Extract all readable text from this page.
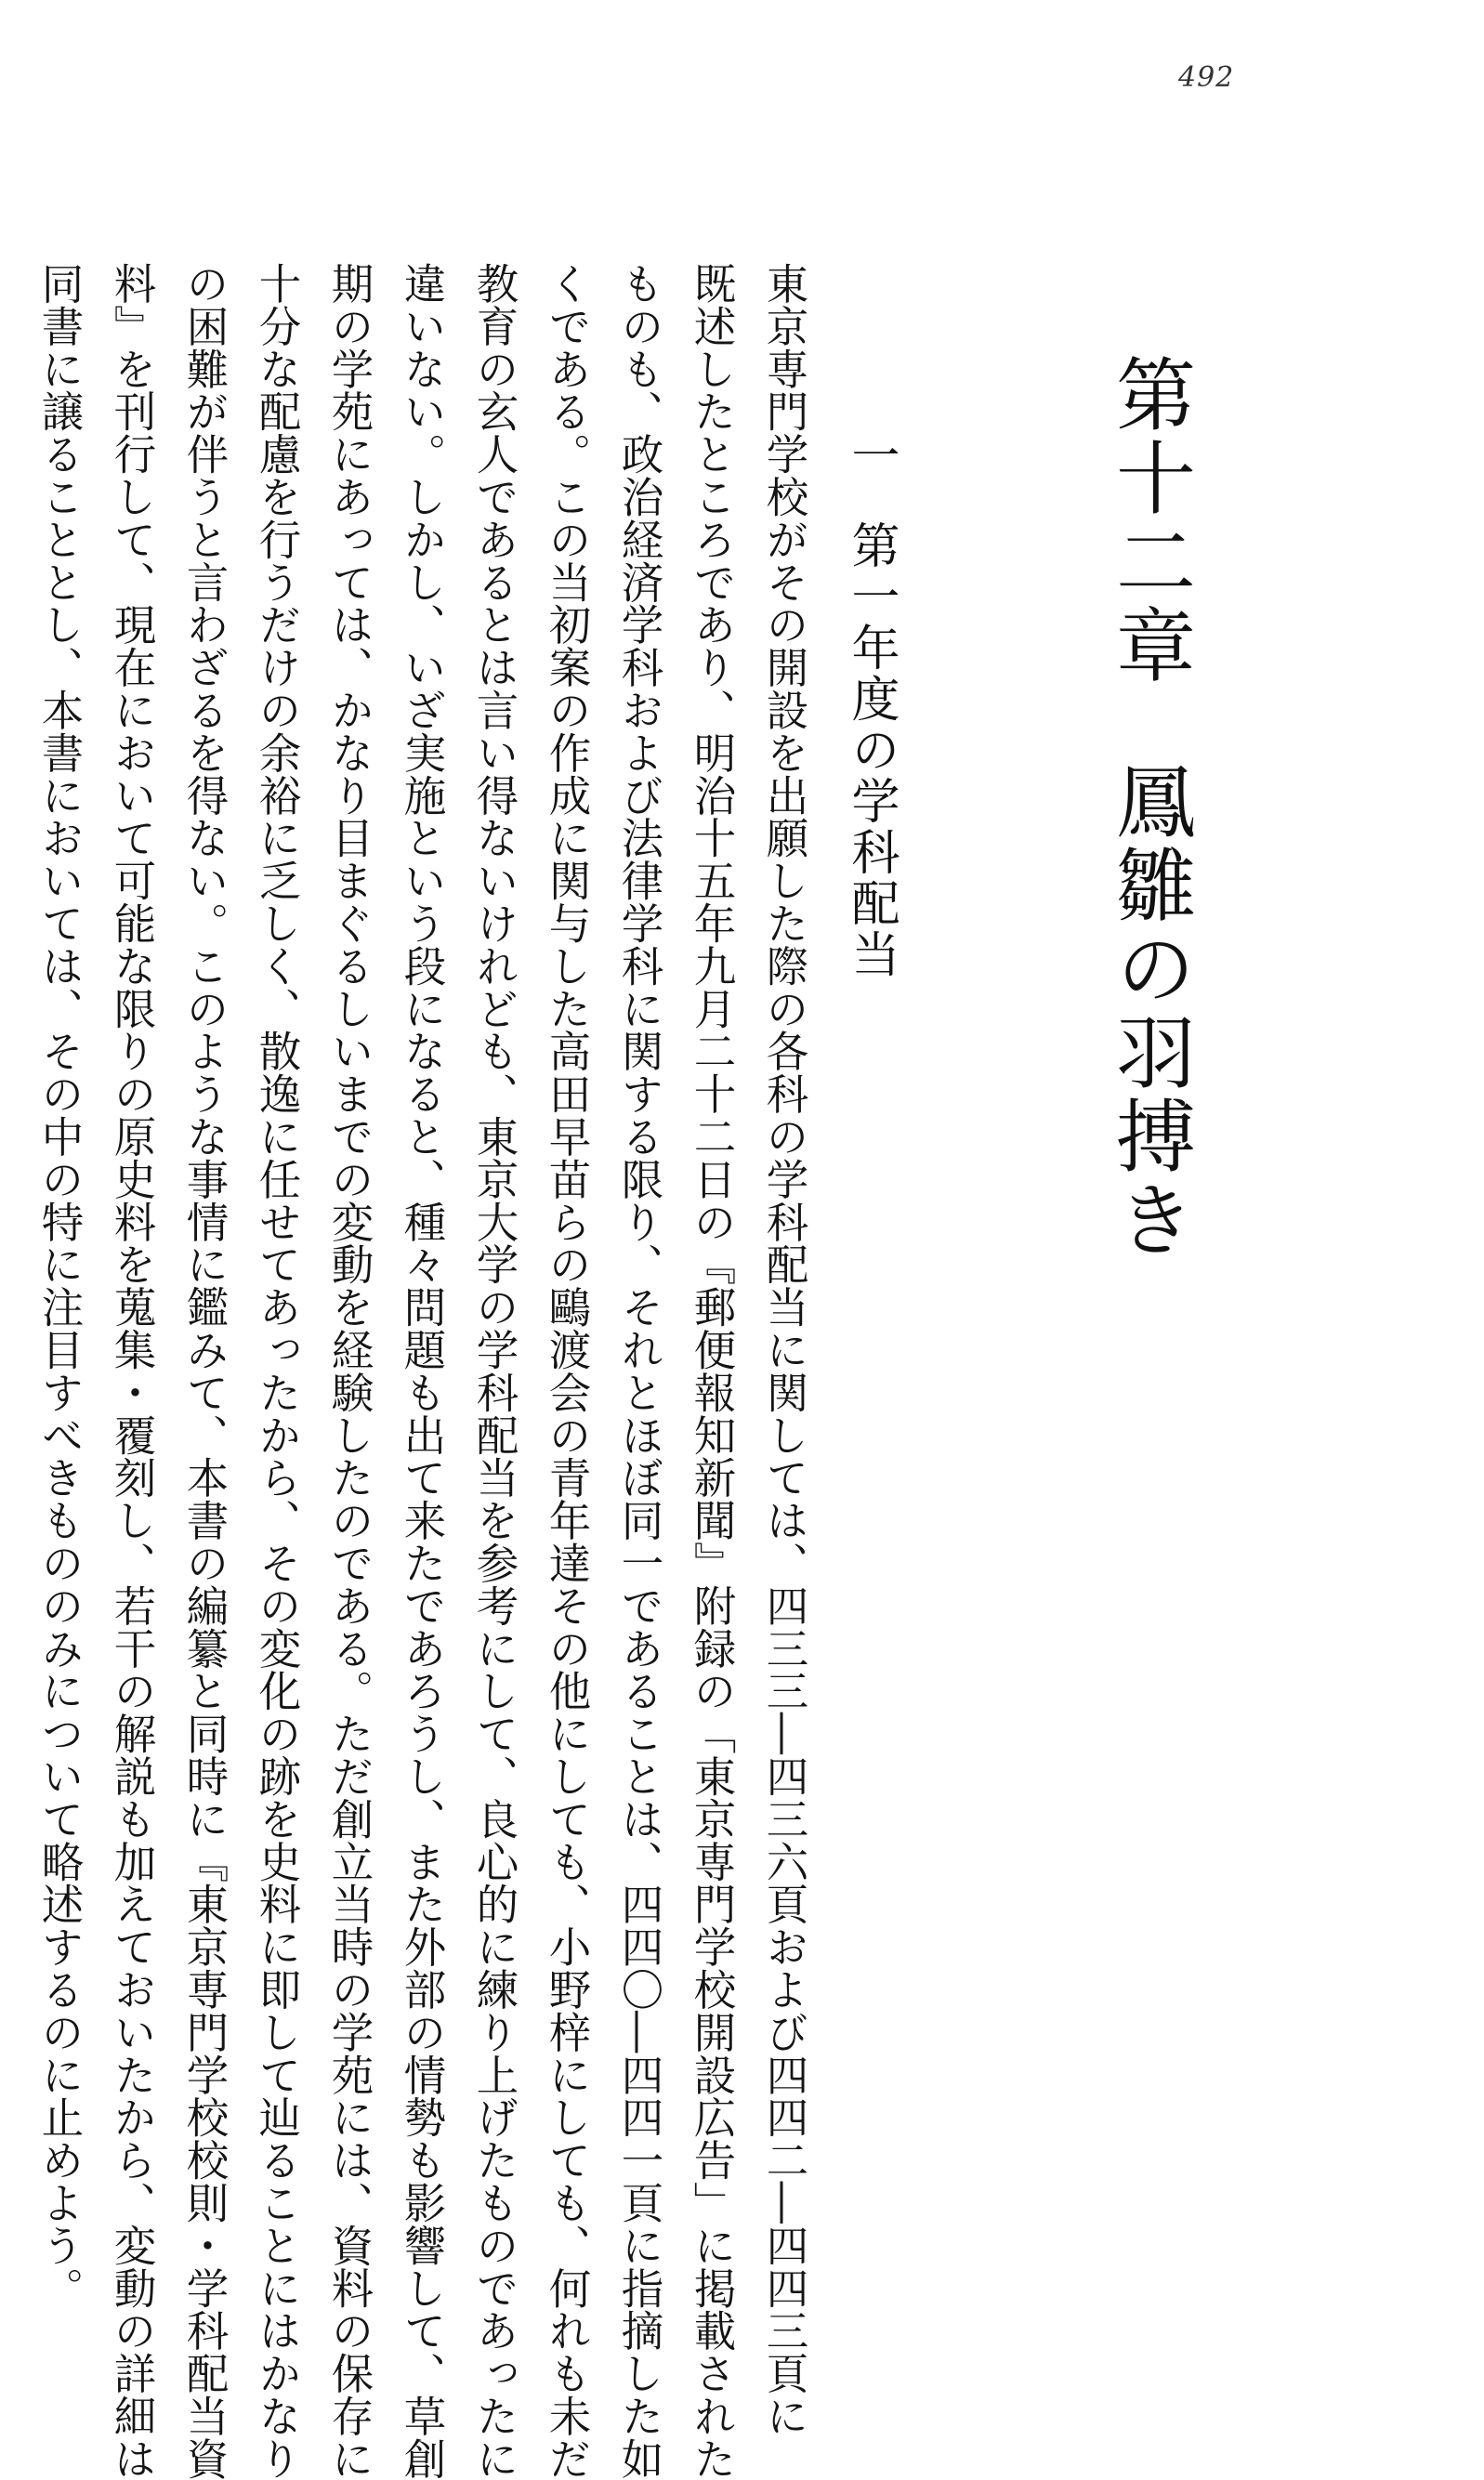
492
第十二章鳳雛の羽搏き
一第一年度の学科配当
東京専門学校がその開設を出願した際の各科の学科配当に関しては、四三三―四三六頁および四四二―四四三頁に
既述したところであり、明治十五年九月二十二日の『郵便報知新聞』附録の「東京専門学校開設広告」に掲載された
ものも、政治経済学科および法律学科に関する限り、それとほぼ同一であることは、四四〇―四四一頁に指摘した如
くである。この当初案の作成に関与した高田早苗らの鷗渡会の青年達その他にしても、小野梓にしても、何れも未だ
教育の玄人であるとは言い得ないけれども、東京大学の学科配当を参考にして、良心的に練り上げたものであったに
違いない。しかし、いざ実施という段になると、種々問題も出て来たであろうし、また外部の情勢も影響して、草創
期の学苑にあっては、かなり目まぐるしいまでの変動を経験したのである。ただ創立当時の学苑には、資料の保存に
十分な配慮を行うだけの余裕に乏しく、散逸に任せてあったから、その変化の跡を史料に即して辿ることにはかなり
の困難が伴うと言わざるを得ない。このような事情に鑑みて、本書の編纂と同時に『東京専門学校校則・学科配当資
料』を刊行して、現在において可能な限りの原史料を蒐集・覆刻し、若干の解説も加えておいたから、変動の詳細は
同書に譲ることとし、本書においては、その中の特に注目すべきもののみについて略述するのに止めよう。
